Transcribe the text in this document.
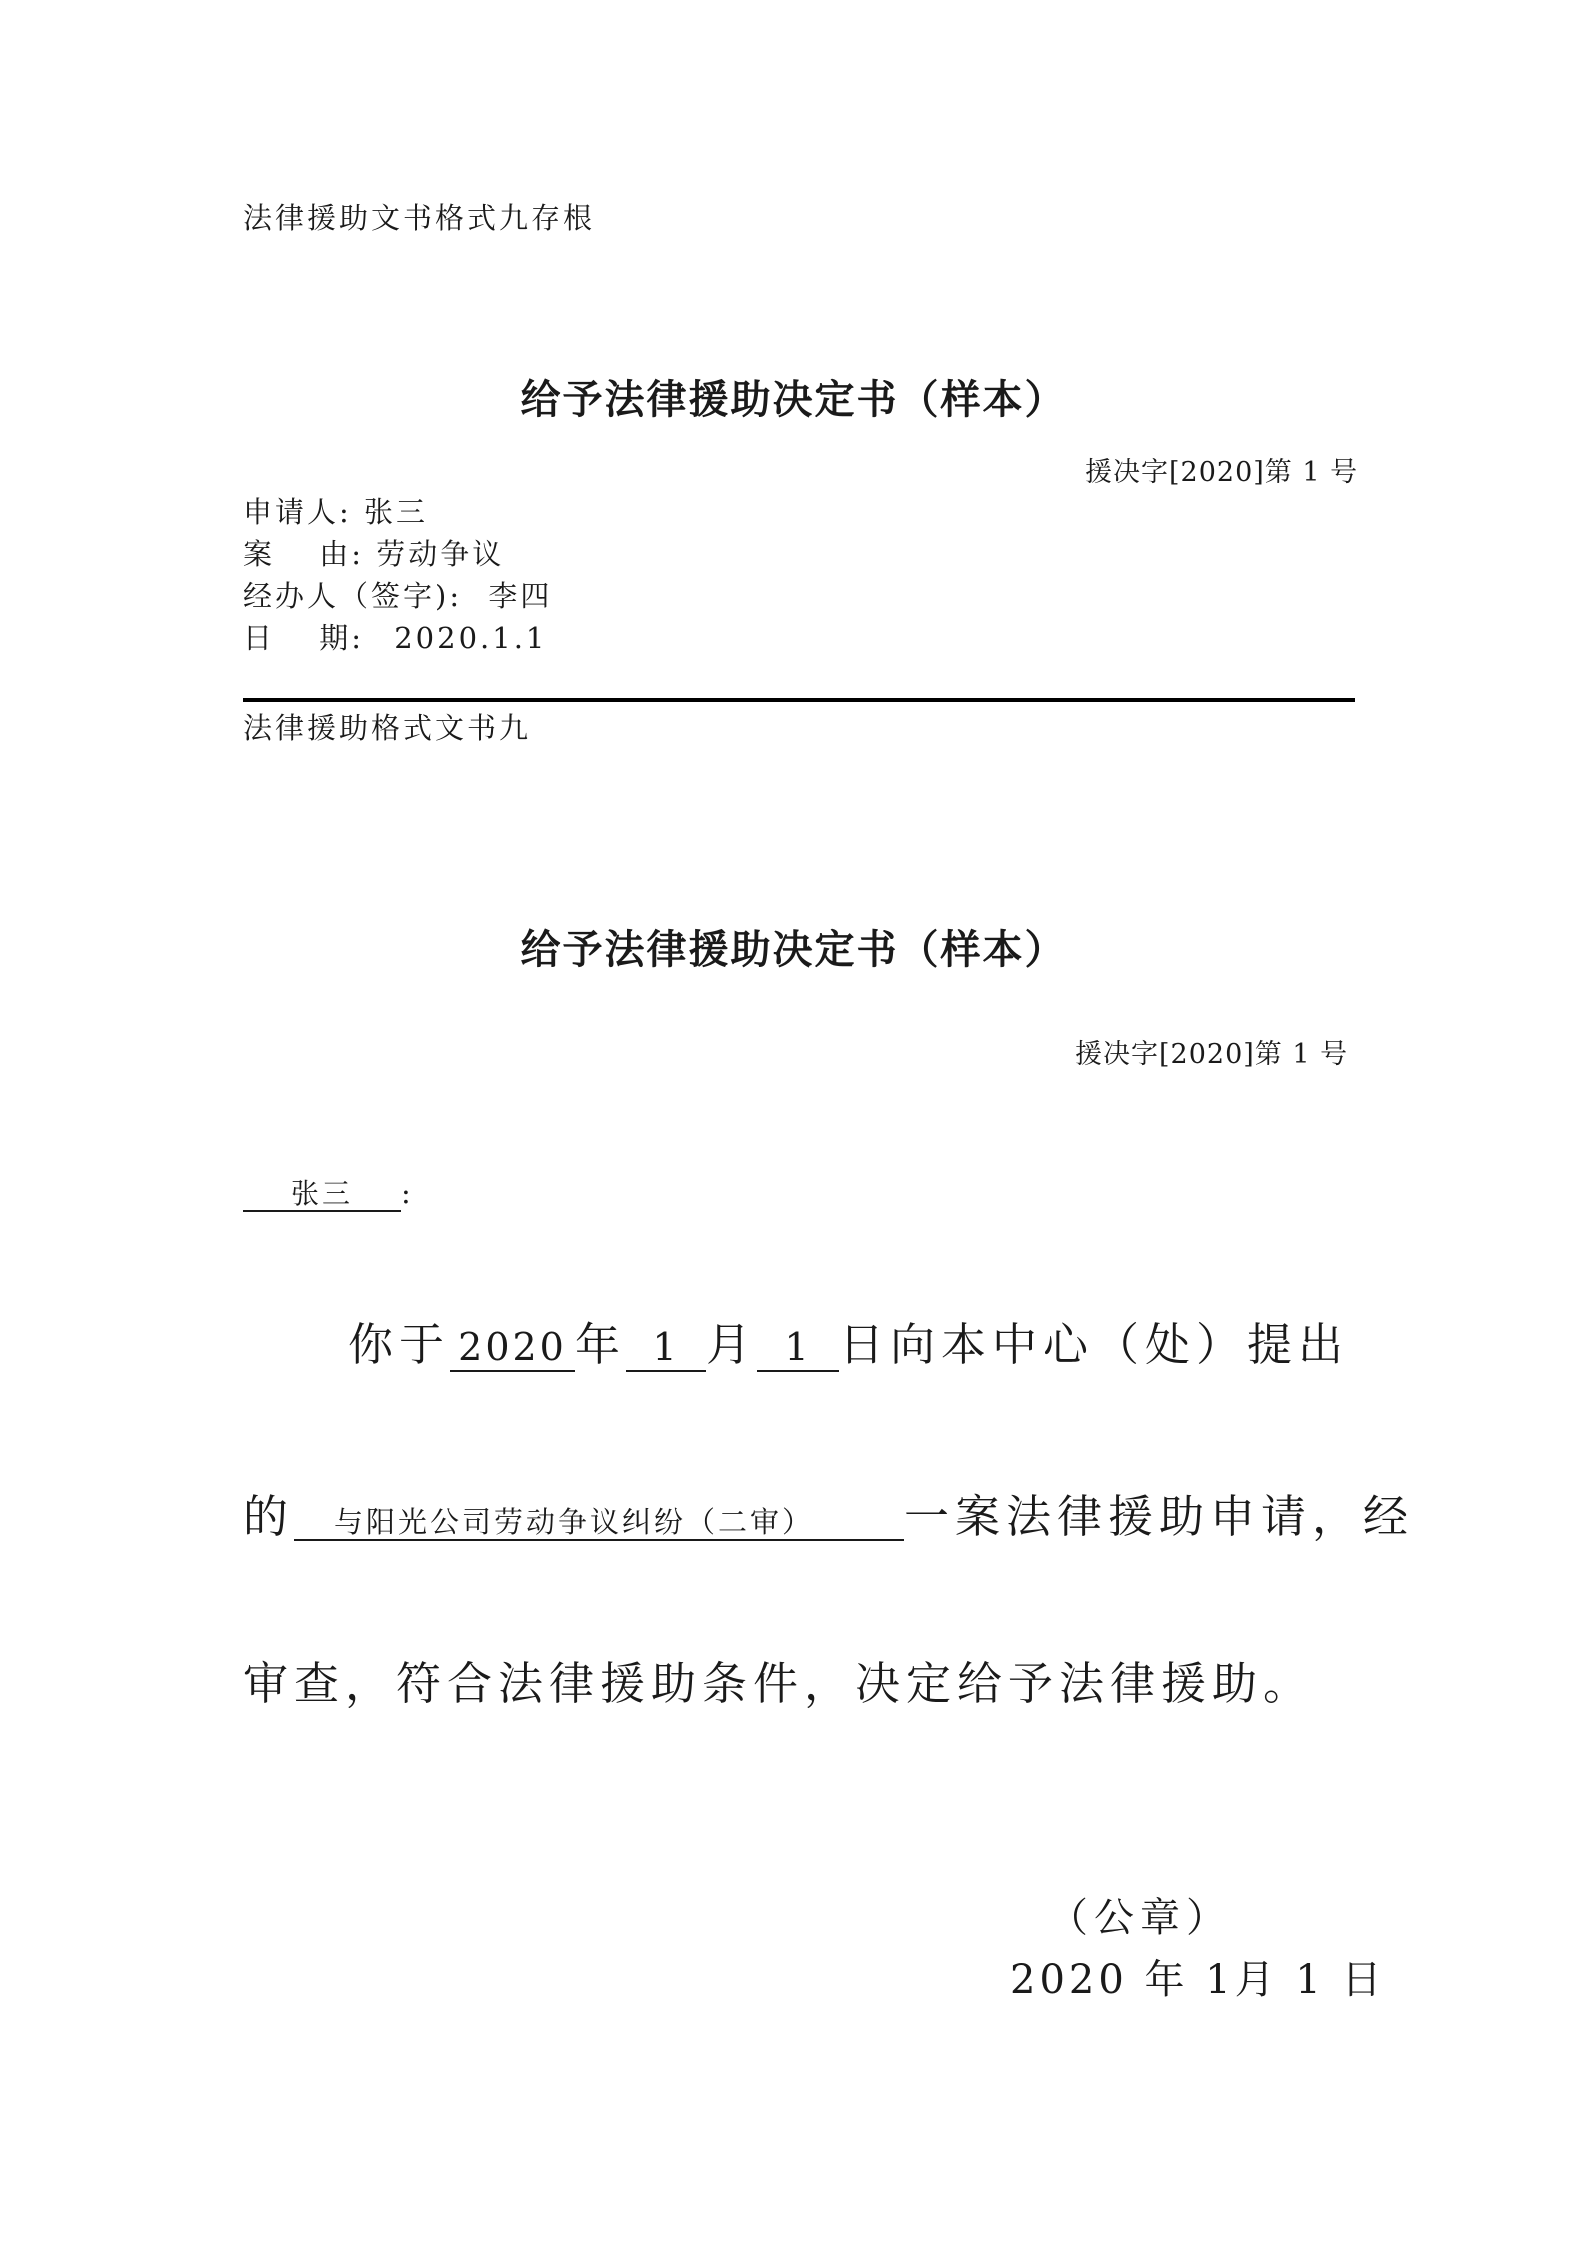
法律援助文书格式九存根
给予法律援助决定书（样本）
援决字[2020]第 1 号
申请人: 张三
案　 由: 劳动争议
经办人（签字): 李四
日　 期: 2020.1.1
法律援助格式文书九
给予法律援助决定书（样本）
援决字[2020]第 1 号
张三 :
你于 2020 年 1 月 1 日向本中心（处）提出
的 与阳光公司劳动争议纠纷（二审） 一案法律援助申请，经
审查，符合法律援助条件，决定给予法律援助。
（公章）
2020 年 1月 1 日
